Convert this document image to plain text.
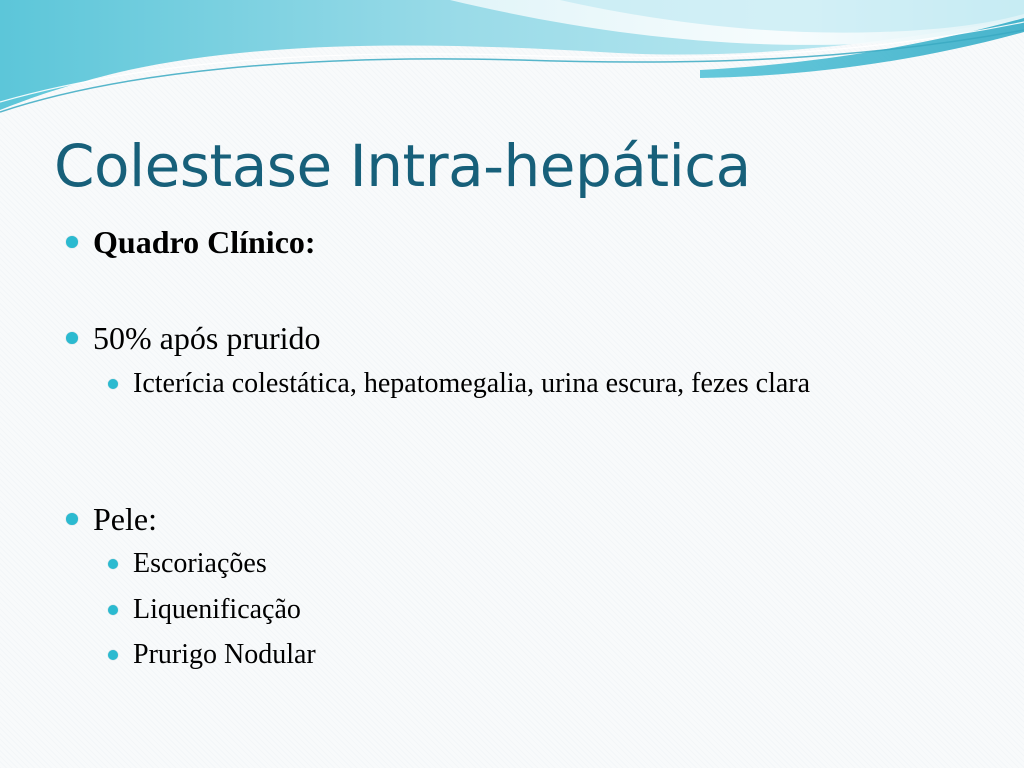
Colestase Intra-hepática
Quadro Clínico:
50% após prurido
Icterícia colestática, hepatomegalia, urina escura, fezes clara
Pele:
Escoriações
Liquenificação
Prurigo Nodular
